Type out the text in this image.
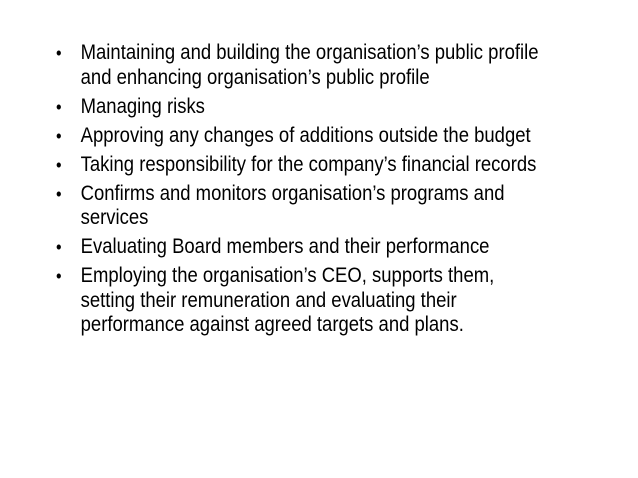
• Maintaining and building the organisation’s public profile and enhancing organisation’s public profile
• Managing risks
• Approving any changes of additions outside the budget
• Taking responsibility for the company’s financial records
• Confirms and monitors organisation’s programs and services
• Evaluating Board members and their performance
• Employing the organisation’s CEO, supports them, setting their remuneration and evaluating their performance against agreed targets and plans.
